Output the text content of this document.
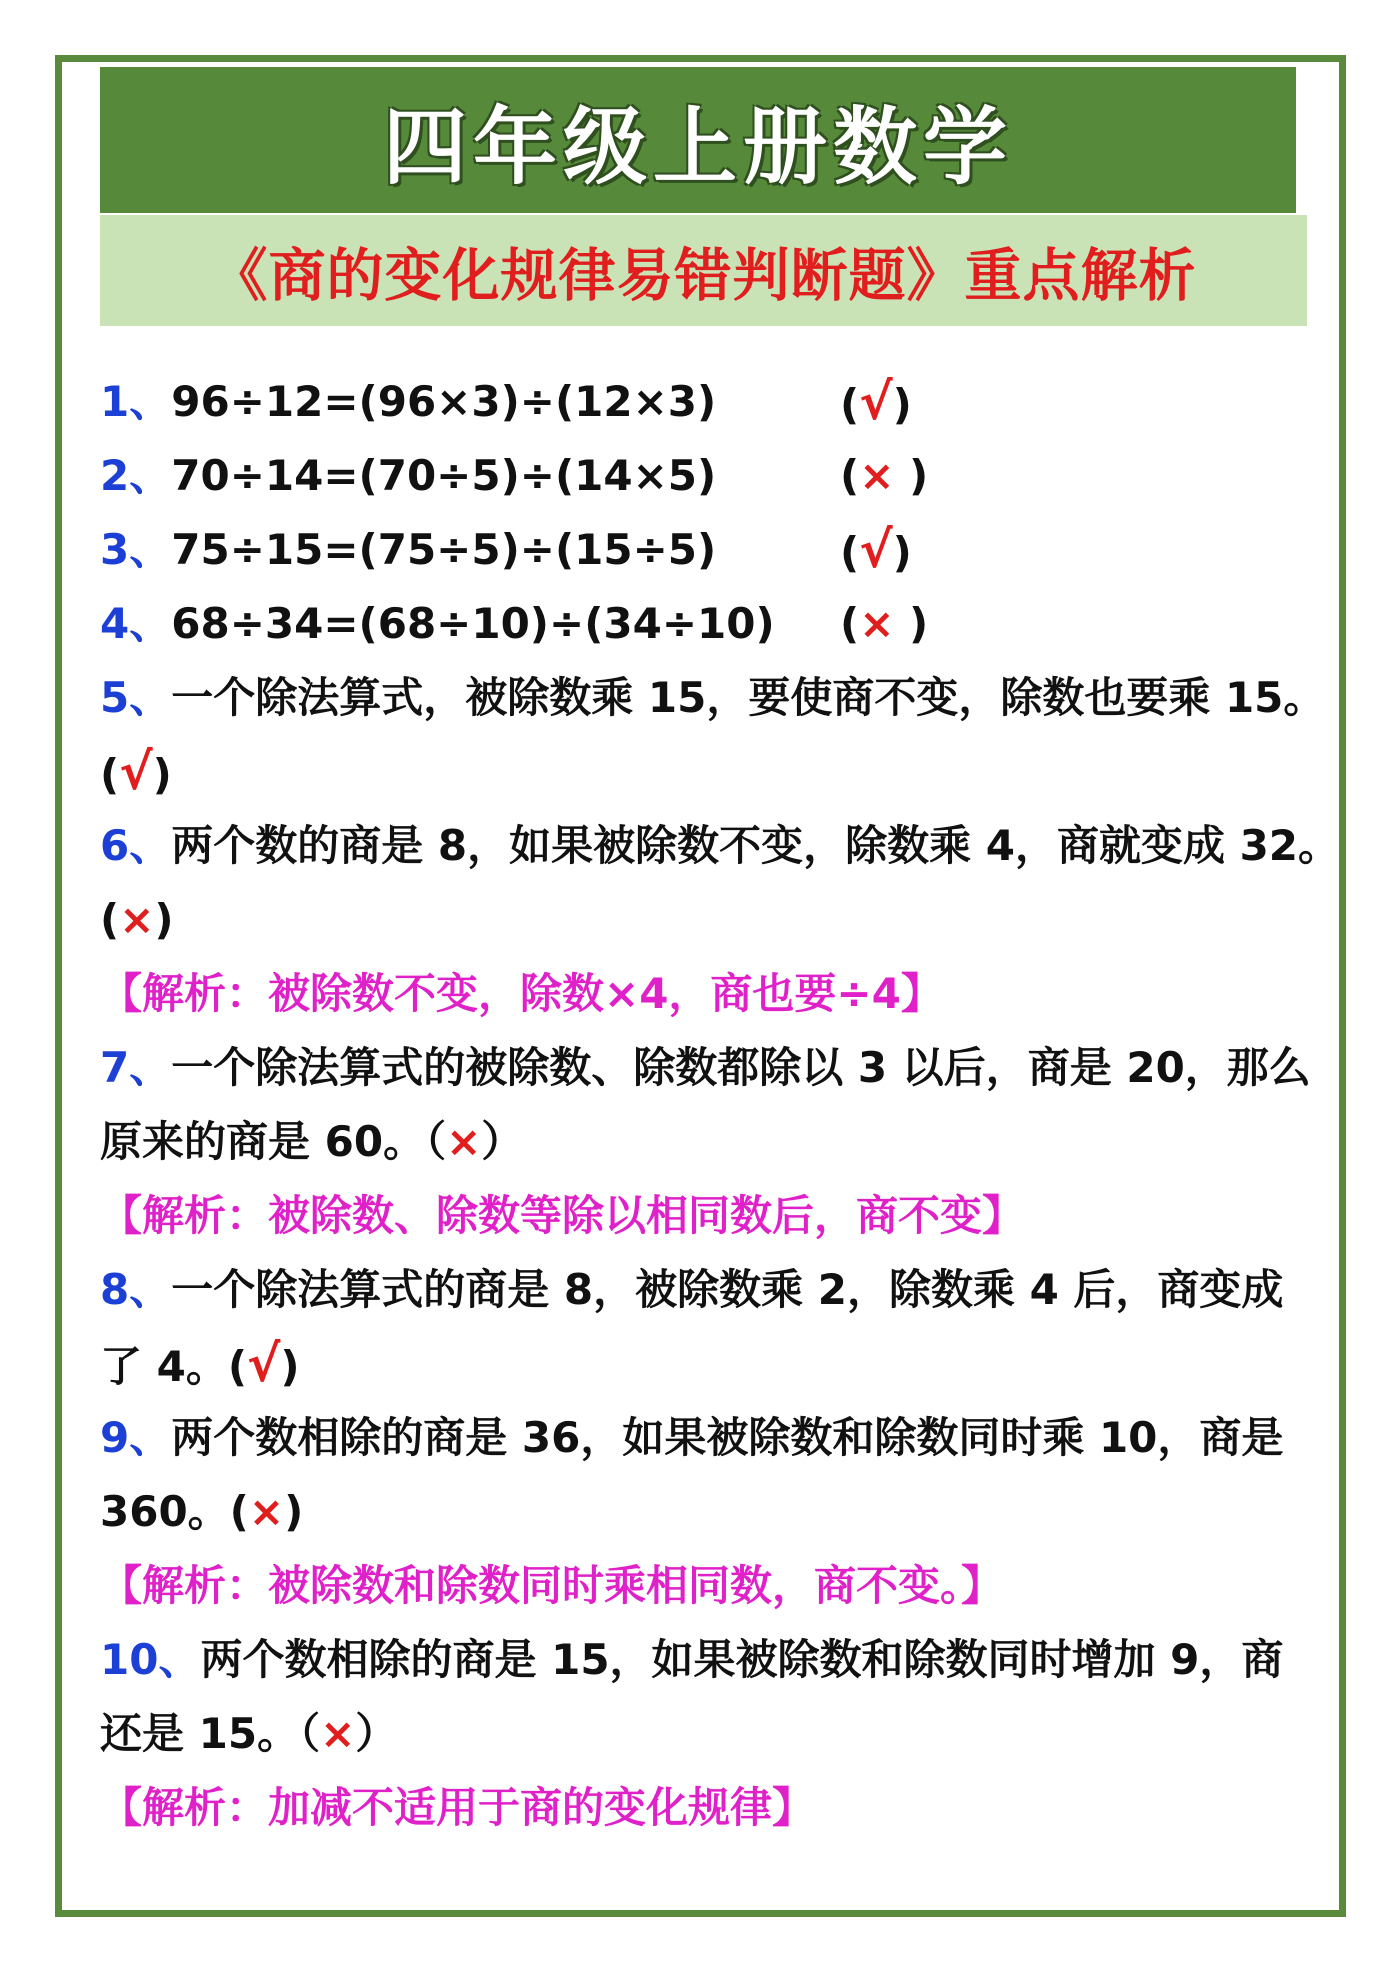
四年级上册数学
《商的变化规律易错判断题》重点解析
1、96÷12=(96×3)÷(12×3)	(√)
2、70÷14=(70÷5)÷(14×5)	(× )
3、75÷15=(75÷5)÷(15÷5)	(√)
4、68÷34=(68÷10)÷(34÷10) (× )
5、一个除法算式，被除数乘 15，要使商不变，除数也要乘 15。
(√)
6、两个数的商是 8，如果被除数不变，除数乘 4，商就变成 32。
(×)
【解析：被除数不变，除数×4，商也要÷4】
7、一个除法算式的被除数、除数都除以 3 以后，商是 20，那么
原来的商是 60。（×）
【解析：被除数、除数等除以相同数后，商不变】
8、一个除法算式的商是 8，被除数乘 2，除数乘 4 后，商变成
了 4。(√)
9、两个数相除的商是 36，如果被除数和除数同时乘 10，商是
360。(×)
【解析：被除数和除数同时乘相同数，商不变。】
10、两个数相除的商是 15，如果被除数和除数同时增加 9，商
还是 15。（×）
【解析：加减不适用于商的变化规律】
